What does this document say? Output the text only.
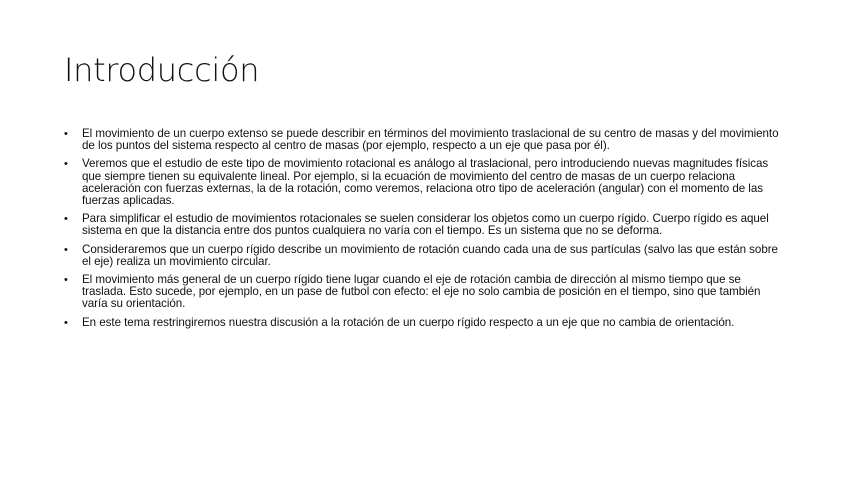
Introducción
•	El movimiento de un cuerpo extenso se puede describir en términos del movimiento traslacional de su centro de masas y del movimiento de los puntos del sistema respecto al centro de masas (por ejemplo, respecto a un eje que pasa por él).
•	Veremos que el estudio de este tipo de movimiento rotacional es análogo al traslacional, pero introduciendo nuevas magnitudes físicas que siempre tienen su equivalente lineal. Por ejemplo, si la ecuación de movimiento del centro de masas de un cuerpo relaciona aceleración con fuerzas externas, la de la rotación, como veremos, relaciona otro tipo de aceleración (angular) con el momento de las fuerzas aplicadas.
•	Para simplificar el estudio de movimientos rotacionales se suelen considerar los objetos como un cuerpo rígido. Cuerpo rígido es aquel sistema en que la distancia entre dos puntos cualquiera no varía con el tiempo. Es un sistema que no se deforma.
•	Consideraremos que un cuerpo rígido describe un movimiento de rotación cuando cada una de sus partículas (salvo las que están sobre el eje) realiza un movimiento circular.
•	El movimiento más general de un cuerpo rígido tiene lugar cuando el eje de rotación cambia de dirección al mismo tiempo que se traslada. Esto sucede, por ejemplo, en un pase de futbol con efecto: el eje no solo cambia de posición en el tiempo, sino que también varía su orientación.
•	En este tema restringiremos nuestra discusión a la rotación de un cuerpo rígido respecto a un eje que no cambia de orientación.
